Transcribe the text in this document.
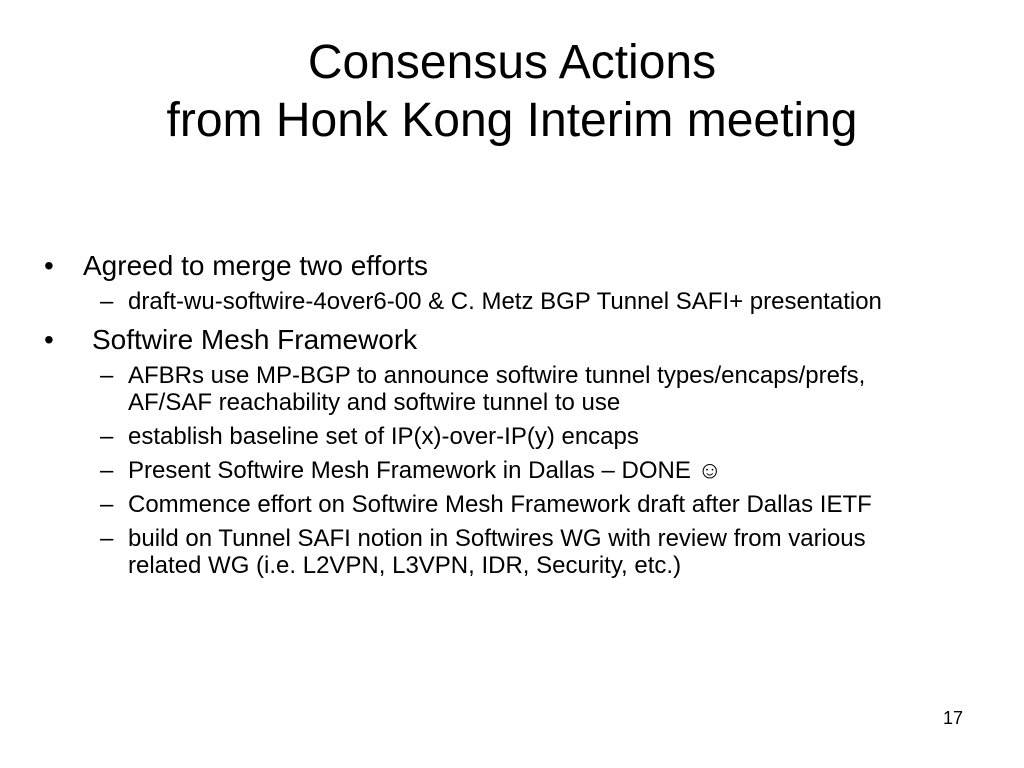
Consensus Actions
from Honk Kong Interim meeting
• Agreed to merge two efforts
– draft-wu-softwire-4over6-00 & C. Metz BGP Tunnel SAFI+ presentation
• Softwire Mesh Framework
– AFBRs use MP-BGP to announce softwire tunnel types/encaps/prefs, AF/SAF reachability and softwire tunnel to use
– establish baseline set of IP(x)-over-IP(y) encaps
– Present Softwire Mesh Framework in Dallas – DONE ☺
– Commence effort on Softwire Mesh Framework draft after Dallas IETF
– build on Tunnel SAFI notion in Softwires WG with review from various related WG (i.e. L2VPN, L3VPN, IDR, Security, etc.)
17
